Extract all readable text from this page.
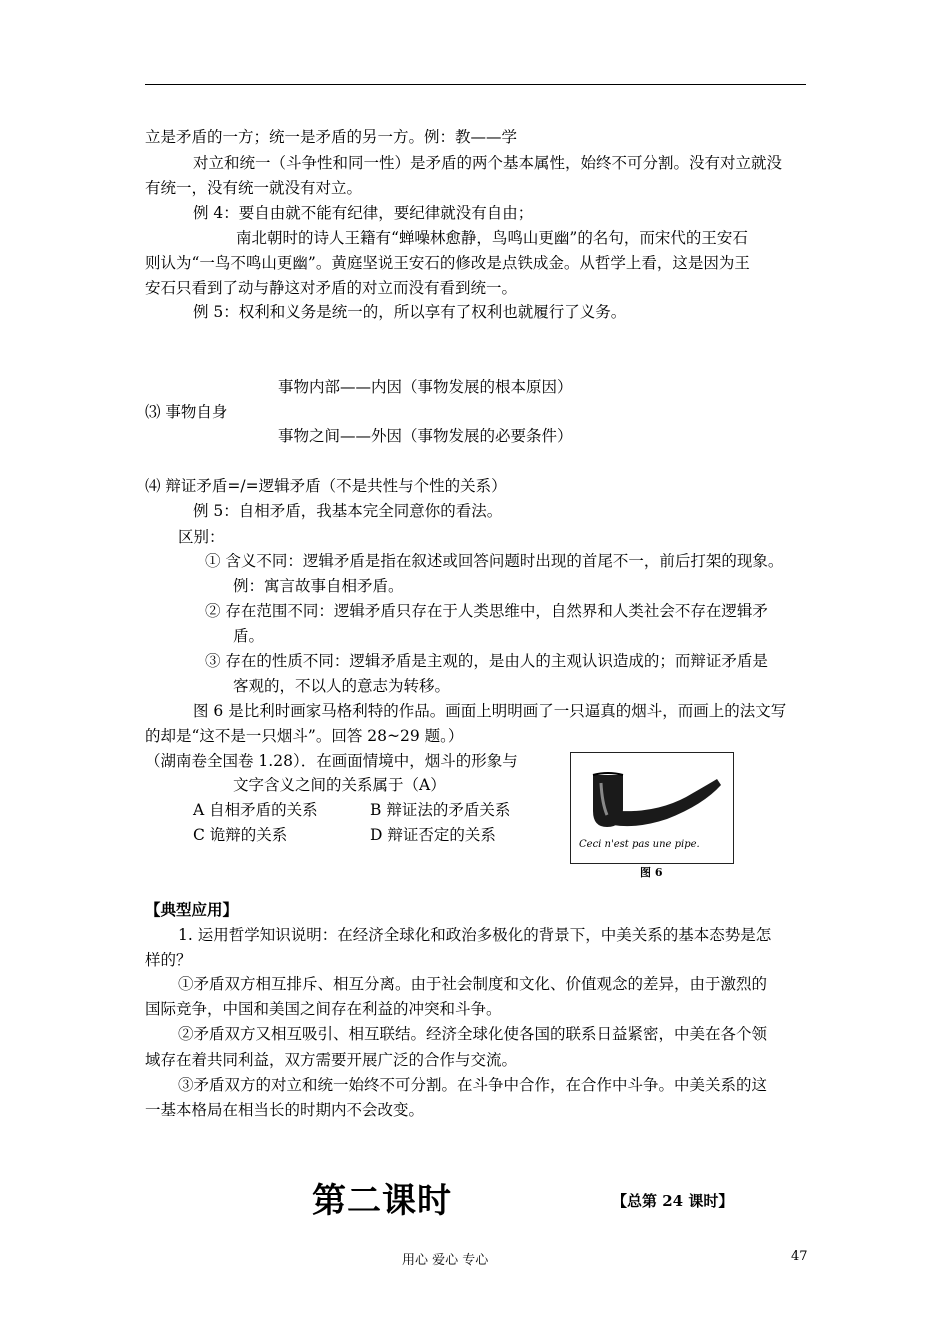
立是矛盾的一方；统一是矛盾的另一方。例：教——学
对立和统一（斗争性和同一性）是矛盾的两个基本属性，始终不可分割。没有对立就没
有统一，没有统一就没有对立。
例 4：要自由就不能有纪律，要纪律就没有自由；
南北朝时的诗人王籍有“蝉噪林愈静，鸟鸣山更幽”的名句，而宋代的王安石
则认为“一鸟不鸣山更幽”。黄庭坚说王安石的修改是点铁成金。从哲学上看，这是因为王
安石只看到了动与静这对矛盾的对立而没有看到统一。
例 5：权利和义务是统一的，所以享有了权利也就履行了义务。
事物内部——内因（事物发展的根本原因）
⑶ 事物自身
事物之间——外因（事物发展的必要条件）
⑷ 辩证矛盾=/=逻辑矛盾（不是共性与个性的关系）
例 5：自相矛盾，我基本完全同意你的看法。
区别：
① 含义不同：逻辑矛盾是指在叙述或回答问题时出现的首尾不一，前后打架的现象。
例：寓言故事自相矛盾。
② 存在范围不同：逻辑矛盾只存在于人类思维中，自然界和人类社会不存在逻辑矛
盾。
③ 存在的性质不同：逻辑矛盾是主观的，是由人的主观认识造成的；而辩证矛盾是
客观的，不以人的意志为转移。
图 6 是比利时画家马格利特的作品。画面上明明画了一只逼真的烟斗，而画上的法文写
的却是“这不是一只烟斗”。回答 28~29 题。）
（湖南卷全国卷 1.28）．在画面情境中，烟斗的形象与
文字含义之间的关系属于（A）
A 自相矛盾的关系	B 辩证法的矛盾关系
C 诡辩的关系	D 辩证否定的关系
Ceci n'est pas une pipe.
图 6
【典型应用】
1. 运用哲学知识说明：在经济全球化和政治多极化的背景下，中美关系的基本态势是怎
样的？
①矛盾双方相互排斥、相互分离。由于社会制度和文化、价值观念的差异，由于激烈的
国际竞争，中国和美国之间存在利益的冲突和斗争。
②矛盾双方又相互吸引、相互联结。经济全球化使各国的联系日益紧密，中美在各个领
域存在着共同利益，双方需要开展广泛的合作与交流。
③矛盾双方的对立和统一始终不可分割。在斗争中合作，在合作中斗争。中美关系的这
一基本格局在相当长的时期内不会改变。
第二课时	【总第 24 课时】
用心 爱心 专心	47
